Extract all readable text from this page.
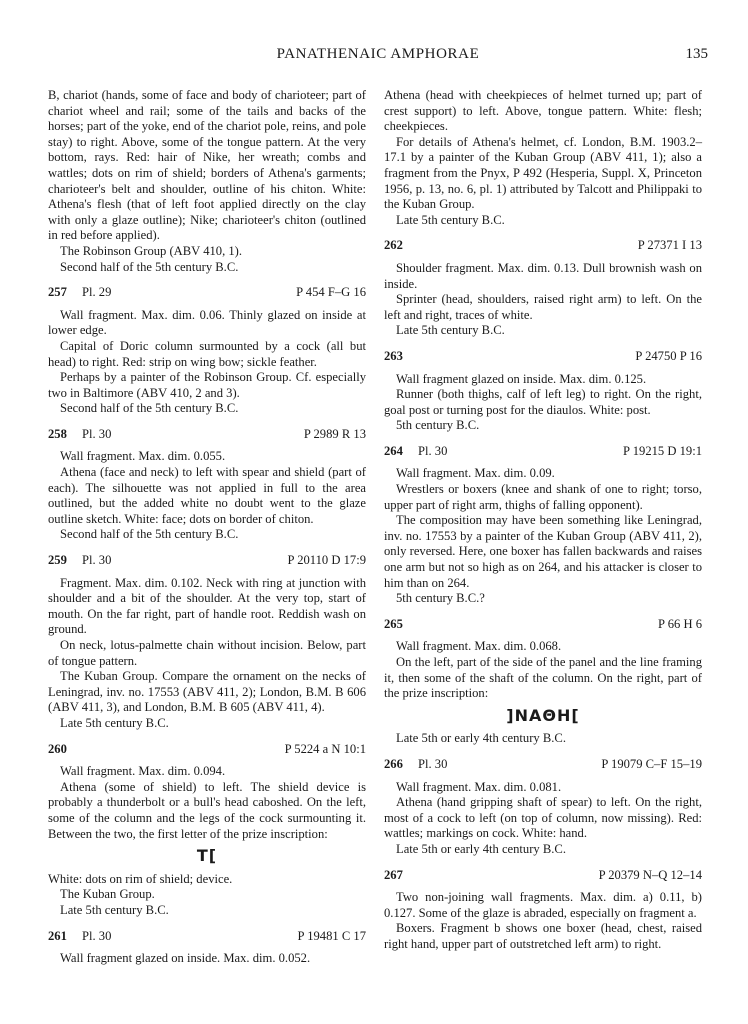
PANATHENAIC AMPHORAE	135

B, chariot (hands, some of face and body of charioteer; part of chariot wheel and rail; some of the tails and backs of the horses; part of the yoke, end of the chariot pole, reins, and pole stay) to right. Above, some of the tongue pattern. At the very bottom, rays. Red: hair of Nike, her wreath; combs and wattles; dots on rim of shield; borders of Athena's garments; charioteer's belt and shoulder, outline of his chiton. White: Athena's flesh (that of left foot applied directly on the clay with only a glaze outline); Nike; charioteer's chiton (outlined in red before applied).

The Robinson Group (ABV 410, 1).

Second half of the 5th century B.C.

257 Pl. 29	P 454 F–G 16

Wall fragment. Max. dim. 0.06. Thinly glazed on inside at lower edge.

Capital of Doric column surmounted by a cock (all but head) to right. Red: strip on wing bow; sickle feather.

Perhaps by a painter of the Robinson Group. Cf. especially two in Baltimore (ABV 410, 2 and 3).

Second half of the 5th century B.C.

258 Pl. 30	P 2989 R 13

Wall fragment. Max. dim. 0.055.

Athena (face and neck) to left with spear and shield (part of each). The silhouette was not applied in full to the area outlined, but the added white no doubt went to the glaze outline sketch. White: face; dots on border of chiton.

Second half of the 5th century B.C.

259 Pl. 30	P 20110 D 17:9

Fragment. Max. dim. 0.102. Neck with ring at junction with shoulder and a bit of the shoulder. At the very top, start of mouth. On the far right, part of handle root. Reddish wash on ground.

On neck, lotus-palmette chain without incision. Below, part of tongue pattern.

The Kuban Group. Compare the ornament on the necks of Leningrad, inv. no. 17553 (ABV 411, 2); London, B.M. B 606 (ABV 411, 3), and London, B.M. B 605 (ABV 411, 4).

Late 5th century B.C.

260	P 5224 a N 10:1

Wall fragment. Max. dim. 0.094.

Athena (some of shield) to left. The shield device is probably a thunderbolt or a bull's head caboshed. On the left, some of the column and the legs of the cock surmounting it. Between the two, the first letter of the prize inscription:

T[

White: dots on rim of shield; device.

The Kuban Group.

Late 5th century B.C.

261 Pl. 30	P 19481 C 17

Wall fragment glazed on inside. Max. dim. 0.052.

Athena (head with cheekpieces of helmet turned up; part of crest support) to left. Above, tongue pattern. White: flesh; cheekpieces.

For details of Athena's helmet, cf. London, B.M. 1903.2–17.1 by a painter of the Kuban Group (ABV 411, 1); also a fragment from the Pnyx, P 492 (Hesperia, Suppl. X, Princeton 1956, p. 13, no. 6, pl. 1) attributed by Talcott and Philippaki to the Kuban Group.

Late 5th century B.C.

262	P 27371 I 13

Shoulder fragment. Max. dim. 0.13. Dull brownish wash on inside.

Sprinter (head, shoulders, raised right arm) to left. On the left and right, traces of white.

Late 5th century B.C.

263	P 24750 P 16

Wall fragment glazed on inside. Max. dim. 0.125.

Runner (both thighs, calf of left leg) to right. On the right, goal post or turning post for the diaulos. White: post.

5th century B.C.

264 Pl. 30	P 19215 D 19:1

Wall fragment. Max. dim. 0.09.

Wrestlers or boxers (knee and shank of one to right; torso, upper part of right arm, thighs of falling opponent).

The composition may have been something like Leningrad, inv. no. 17553 by a painter of the Kuban Group (ABV 411, 2), only reversed. Here, one boxer has fallen backwards and raises one arm but not so high as on 264, and his attacker is closer to him than on 264.

5th century B.C.?

265	P 66 H 6

Wall fragment. Max. dim. 0.068.

On the left, part of the side of the panel and the line framing it, then some of the shaft of the column. On the right, part of the prize inscription:

]NAΘH[

Late 5th or early 4th century B.C.

266 Pl. 30	P 19079 C–F 15–19

Wall fragment. Max. dim. 0.081.

Athena (hand gripping shaft of spear) to left. On the right, most of a cock to left (on top of column, now missing). Red: wattles; markings on cock. White: hand.

Late 5th or early 4th century B.C.

267	P 20379 N–Q 12–14

Two non-joining wall fragments. Max. dim. a) 0.11, b) 0.127. Some of the glaze is abraded, especially on fragment a.

Boxers. Fragment b shows one boxer (head, chest, raised right hand, upper part of outstretched left arm) to right.
